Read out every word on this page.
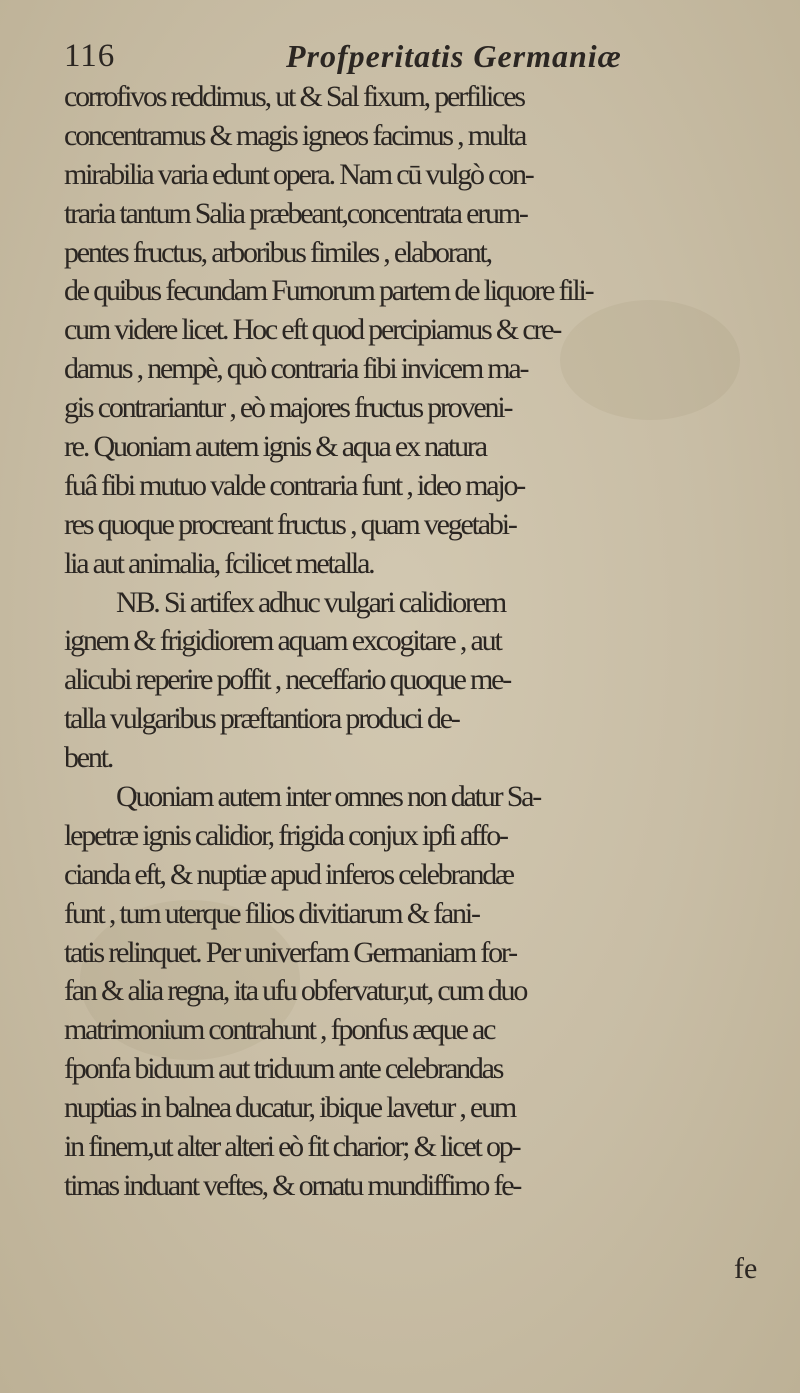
116	Profperitatis Germaniæ
corrofivos reddimus, ut & Sal fixum, perfilices
concentramus & magis igneos facimus , multa
mirabilia varia edunt opera. Nam cū vulgò con-
traria tantum Salia præbeant,concentrata erum-
pentes fructus, arboribus fimiles , elaborant,
de quibus fecundam Furnorum partem de liquore fili-
cum videre licet. Hoc eft quod percipiamus & cre-
damus , nempè, quò contraria fibi invicem ma-
gis contrariantur , eò majores fructus proveni-
re. Quoniam autem ignis & aqua ex natura
fuâ fibi mutuo valde contraria funt , ideo majo-
res quoque procreant fructus , quam vegetabi-
lia aut animalia, fcilicet metalla.
NB. Si artifex adhuc vulgari calidiorem
ignem & frigidiorem aquam excogitare , aut
alicubi reperire poffit , neceffario quoque me-
talla vulgaribus præftantiora produci de-
bent.
Quoniam autem inter omnes non datur Sa-
lepetræ ignis calidior, frigida conjux ipfi affo-
cianda eft, & nuptiæ apud inferos celebrandæ
funt , tum uterque filios divitiarum & fani-
tatis relinquet. Per univerfam Germaniam for-
fan & alia regna, ita ufu obfervatur,ut, cum duo
matrimonium contrahunt , fponfus æque ac
fponfa biduum aut triduum ante celebrandas
nuptias in balnea ducatur, ibique lavetur , eum
in finem,ut alter alteri eò fit charior; & licet op-
timas induant veftes, & ornatu mundiffimo fe-
fe
